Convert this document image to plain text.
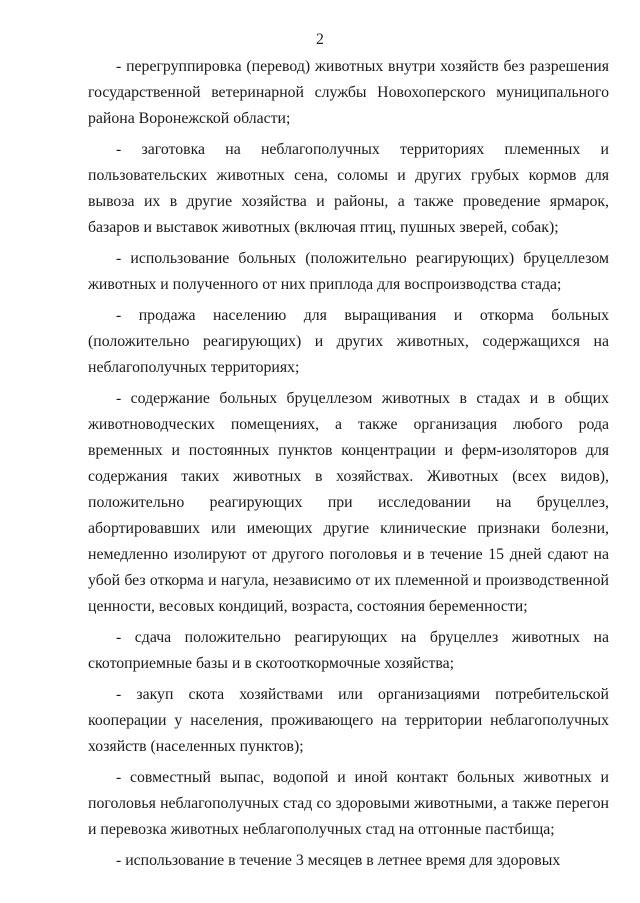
2

- перегруппировка (перевод) животных внутри хозяйств без разрешения государственной ветеринарной службы Новохоперского муниципального района Воронежской области;

- заготовка на неблагополучных территориях племенных и пользовательских животных сена, соломы и других грубых кормов для вывоза их в другие хозяйства и районы, а также проведение ярмарок, базаров и выставок животных (включая птиц, пушных зверей, собак);

- использование больных (положительно реагирующих) бруцеллезом животных и полученного от них приплода для воспроизводства стада;

- продажа населению для выращивания и откорма больных (положительно реагирующих) и других животных, содержащихся на неблагополучных территориях;

- содержание больных бруцеллезом животных в стадах и в общих животноводческих помещениях, а также организация любого рода временных и постоянных пунктов концентрации и ферм-изоляторов для содержания таких животных в хозяйствах. Животных (всех видов), положительно реагирующих при исследовании на бруцеллез, абортировавших или имеющих другие клинические признаки болезни, немедленно изолируют от другого поголовья и в течение 15 дней сдают на убой без откорма и нагула, независимо от их племенной и производственной ценности, весовых кондиций, возраста, состояния беременности;

- сдача положительно реагирующих на бруцеллез животных на скотоприемные базы и в скотооткормочные хозяйства;

- закуп скота хозяйствами или организациями потребительской кооперации у населения, проживающего на территории неблагополучных хозяйств (населенных пунктов);

- совместный выпас, водопой и иной контакт больных животных и поголовья неблагополучных стад со здоровыми животными, а также перегон и перевозка животных неблагополучных стад на отгонные пастбища;

- использование в течение 3 месяцев в летнее время для здоровых
